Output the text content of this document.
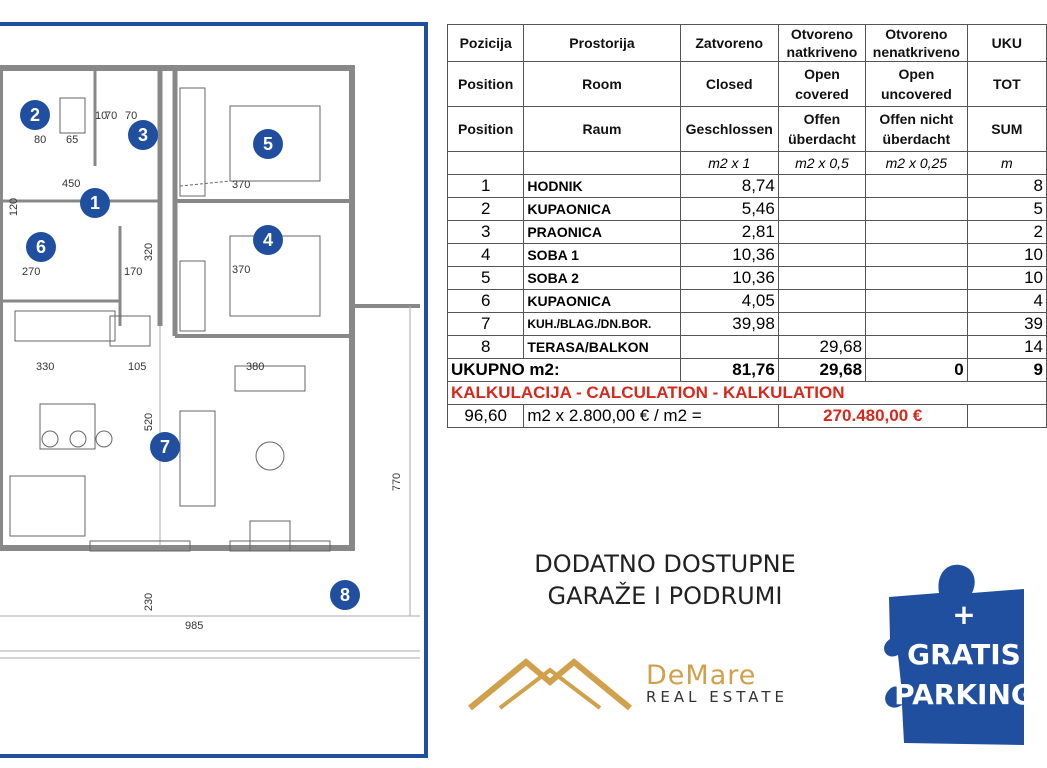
10
70 70
80 65
450	370
370
270	170
330	105	380
520
770
230
985
120
320
1
2
3
4
5
6
7
8
Pozicija	Prostorija	Zatvoreno	Otvoreno natkriveno	Otvoreno nenatkriveno	UKU
Position	Room	Closed	Open covered	Open uncovered	TOT
Position	Raum	Geschlossen	Offen überdacht	Offen nicht überdacht	SUM
		m2 x 1	m2 x 0,5	m2 x 0,25	m
1	HODNIK	8,74			8
2	KUPAONICA	5,46			5
3	PRAONICA	2,81			2
4	SOBA 1	10,36			10
5	SOBA 2	10,36			10
6	KUPAONICA	4,05			4
7	KUH./BLAG./DN.BOR.	39,98			39
8	TERASA/BALKON		29,68		14
UKUPNO m2:		81,76	29,68	0	9
KALKULACIJA - CALCULATION - KALKULATION					
96,60	m2 x 2.800,00 € / m2 =		270.480,00 €		
DODATNO DOSTUPNE
GARAŽE I PODRUMI
DeMare
REAL ESTATE
+
GRATIS
PARKING
